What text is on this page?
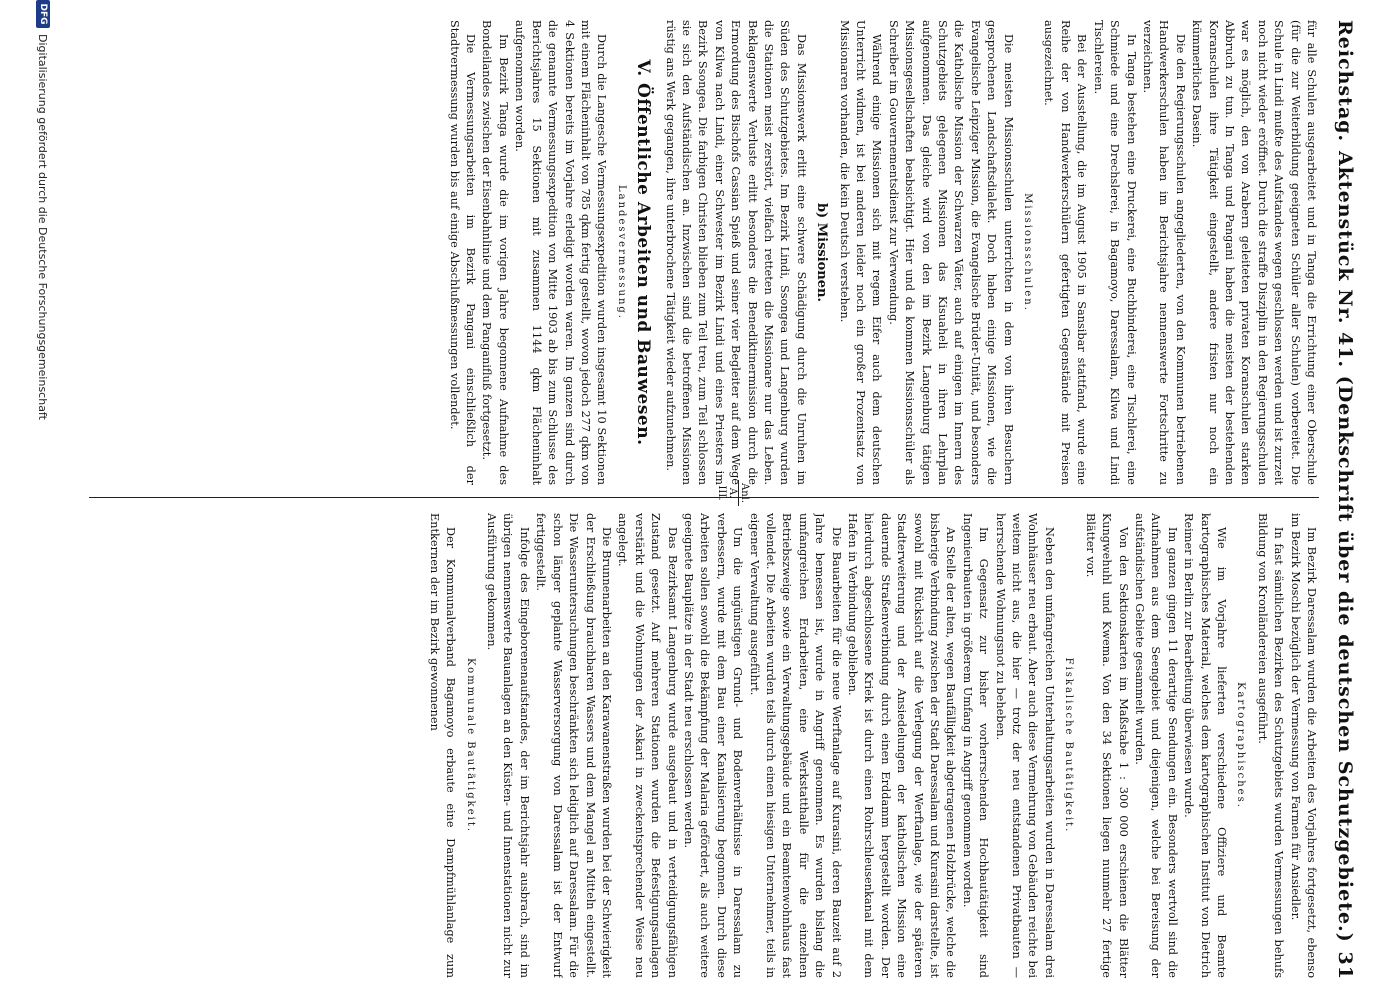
Reichstag.
Aktenstück Nr. 41. (Denkschrift über die deutschen Schutzgebiete.)
31

für alle Schulen ausgearbeitet und in Tanga die Errichtung einer Oberschule (für die zur Weiterbildung geeigneten Schüler aller Schulen) vorbereitet. Die Schule in Lindi mußte des Aufstandes wegen geschlossen werden und ist zurzeit noch nicht wieder eröffnet. Durch die straffe Disziplin in den Regierungsschulen war es möglich, den von Arabern geleiteten privaten Koranschulen starken Abbruch zu tun. In Tanga und Pangani haben die meisten der bestehenden Koranschulen ihre Tätigkeit eingestellt, andere fristen nur noch ein kümmerliches Dasein.

Die den Regierungsschulen angegliederten, von den Kommunen betriebenen Handwerkerschulen haben im Berichtsjahre nennenswerte Fortschritte zu verzeichnen.

In Tanga bestehen eine Druckerei, eine Buchbinderei, eine Tischlerei, eine Schmiede und eine Drechslerei, in Bagamoyo, Daressalam, Kilwa und Lindi Tischlereien.

Bei der Ausstellung, die im August 1905 in Sansibar stattfand, wurde eine Reihe der von Handwerkerschülern gefertigten Gegenstände mit Preisen ausgezeichnet.

Missionsschulen.

Die meisten Missionsschulen unterrichten in dem von ihren Besuchern gesprochenen Landschaftsdialekt. Doch haben einige Missionen, wie die Evangelische Leipziger Mission, die Evangelische Brüder-Unität, und besonders die Katholische Mission der Schwarzen Väter, auch auf einigen im Innern des Schutzgebiets gelegenen Missionen das Kisuaheli in ihren Lehrplan aufgenommen. Das gleiche wird von den im Bezirk Langenburg tätigen Missionsgesellschaften beabsichtigt. Hier und da kommen Missionsschüler als Schreiber im Gouvernementsdienst zur Verwendung.

Während einige Missionen sich mit regem Eifer auch dem deutschen Unterricht widmen, ist bei anderen leider noch ein großer Prozentsatz von Missionaren vorhanden, die kein Deutsch verstehen.

b) Missionen.

Das Missionswerk erlitt eine schwere Schädigung durch die Unruhen im Süden des Schutzgebietes. Im Bezirk Lindi, Ssongea und Langenburg wurden die Stationen meist zerstört, vielfach retteten die Missionare nur das Leben. Beklagenswerte Verluste erlitt besonders die Benediktinermission durch die Ermordung des Bischofs Cassian Spieß und seiner vier Begleiter auf dem Wege von Kilwa nach Lindi, einer Schwester im Bezirk Lindi und eines Priesters im Bezirk Ssongea. Die farbigen Christen blieben zum Teil treu, zum Teil schlossen sie sich den Aufständischen an. Inzwischen sind die betroffenen Missionen rüstig ans Werk gegangen, ihre unterbrochene Tätigkeit wieder aufzunehmen.

V. Öffentliche Arbeiten und Bauwesen.
Landesvermessung.

Durch die Langesche Vermessungsexpedition wurden insgesamt 10 Sektionen mit einem Flächeninhalt von 785 qkm fertig gestellt, wovon jedoch 277 qkm von 4 Sektionen bereits im Vorjahre erledigt worden waren. Im ganzen sind durch die genannte Vermessungsexpedition von Mitte 1903 ab bis zum Schlusse des Berichtsjahres 15 Sektionen mit zusammen 1144 qkm Flächeninhalt aufgenommen worden.

Im Bezirk Tanga wurde die im vorigen Jahre begonnene Aufnahme des Bondeilandes zwischen der Eisenbahnlinie und dem Panganifluß fortgesetzt.

Die Vermessungsarbeiten im Bezirk Pangani einschließlich der Stadtvermessung wurden bis auf einige Abschlußmessungen vollendet.

Anl.
A. III.

Im Bezirk Daressalam wurden die Arbeiten des Vorjahres fortgesetzt, ebenso im Bezirk Moschi bezüglich der Vermessung von Farmen für Ansiedler.

In fast sämtlichen Bezirken des Schutzgebiets wurden Vermessungen behufs Bildung von Kronländereien ausgeführt.

Kartographisches.

Wie im Vorjahre lieferten verschiedene Offiziere und Beamte kartographisches Material, welches dem kartographischen Institut von Dietrich Reimer in Berlin zur Bearbeitung überwiesen wurde.

Im ganzen gingen 11 derartige Sendungen ein. Besonders wertvoll sind die Aufnahmen aus dem Seengebiet und diejenigen, welche bei Bereisung der aufständischen Gebiete gesammelt wurden.

Von den Sektionskarten im Maßstabe 1 : 300 000 erschienen die Blätter Kungwehuhl und Kwema. Von den 34 Sektionen liegen nunmehr 27 fertige Blätter vor.

Fiskalische Bautätigkeit.

Neben den umfangreichen Unterhaltungsarbeiten wurden in Daressalam drei Wohnhäuser neu erbaut. Aber auch diese Vermehrung von Gebäuden reichte bei weitem nicht aus, die hier — trotz der neu entstandenen Privatbauten — herrschende Wohnungsnot zu beheben.

Im Gegensatz zur bisher vorherrschenden Hochbautätigkeit sind Ingenieurbauten in größerem Umfang in Angriff genommen worden.

An Stelle der alten, wegen Baufälligkeit abgetragenen Holzbrücke, welche die bisherige Verbindung zwischen der Stadt Daressalam und Kurasini darstellte, ist sowohl mit Rücksicht auf die Verlegung der Werftanlage, wie der späteren Stadterweiterung und der Ansiedelungen der katholischen Mission eine dauernde Straßenverbindung durch einen Erddamm hergestellt worden. Der hierdurch abgeschlossene Kriek ist durch einen Rohrschleusenkanal mit dem Hafen in Verbindung geblieben.

Die Bauarbeiten für die neue Werftanlage auf Kurasini, deren Bauzeit auf 2 Jahre bemessen ist, wurde in Angriff genommen. Es wurden bislang die umfangreichen Erdarbeiten, eine Werkstatthalle für die einzelnen Betriebszweige sowie ein Verwaltungsgebäude und ein Beamtenwohnhaus fast vollendet. Die Arbeiten wurden teils durch einen hiesigen Unternehmer, teils in eigener Verwaltung ausgeführt.

Um die ungünstigen Grund- und Bodenverhältnisse in Daressalam zu verbessern, wurde mit dem Bau einer Kanalisierung begonnen. Durch diese Arbeiten sollen sowohl die Bekämpfung der Malaria gefördert, als auch weitere geeignete Bauplätze in der Stadt neu erschlossen werden.

Das Bezirksamt Langenburg wurde ausgebaut und in verteidigungsfähigen Zustand gesetzt. Auf mehreren Stationen wurden die Befestigungsanlagen verstärkt und die Wohnungen der Askari in zweckentsprechender Weise neu angelegt.

Die Brunnenarbeiten an den Karawanenstraßen wurden bei der Schwierigkeit der Erschließung brauchbaren Wassers und dem Mangel an Mitteln eingestellt. Die Wasseruntersuchungen beschränkten sich lediglich auf Daressalam. Für die schon länger geplante Wasserversorgung von Daressalam ist der Entwurf fertiggestellt.

Infolge des Eingeborenenaufstandes, der im Berichtsjahr ausbrach, sind im übrigen nennenswerte Bauanlagen an den Küsten- und Innenstationen nicht zur Ausführung gekommen.

Kommunale Bautätigkeit.

Der Kommunalverband Bagamoyo erbaute eine Dampfmühlanlage zum Entkernen der im Bezirk gewonnenen

DFG
Digitalisierung gefördert durch die Deutsche Forschungsgemeinschaft
